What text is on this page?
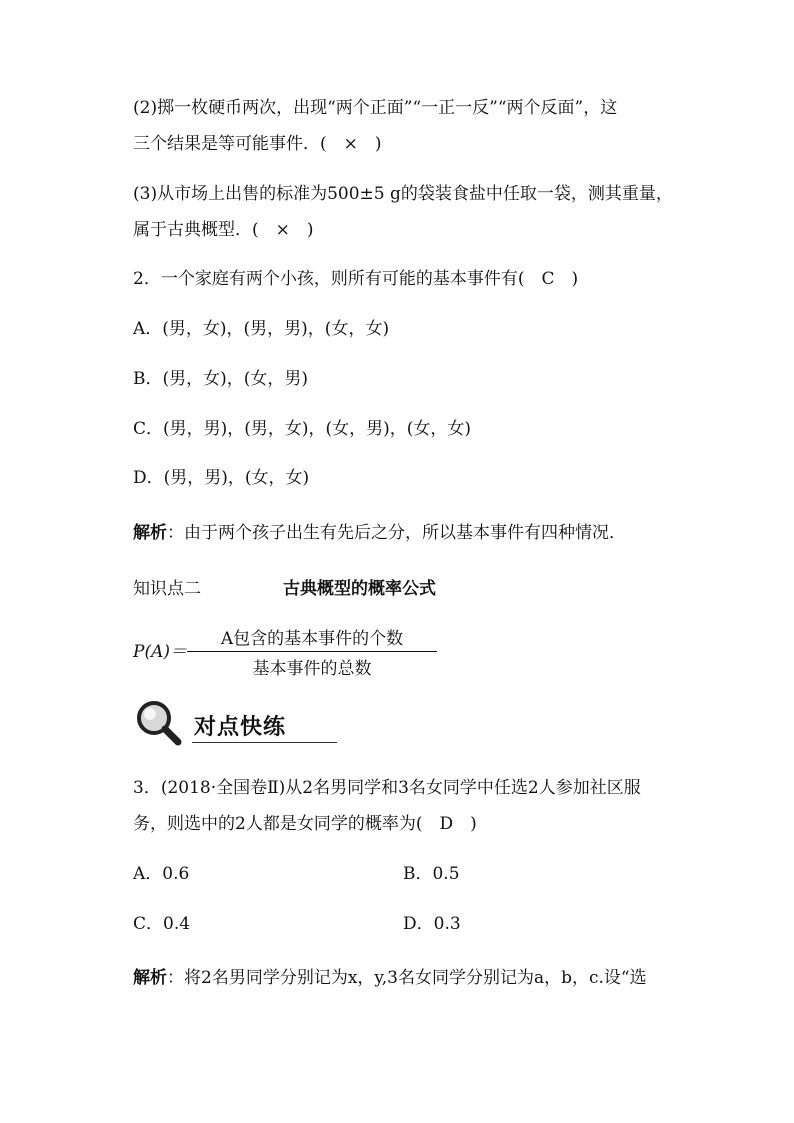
(2)掷一枚硬币两次，出现“两个正面”“一正一反”“两个反面”，这
三个结果是等可能事件．(　×　)
(3)从市场上出售的标准为500±5 g的袋装食盐中任取一袋，测其重量，
属于古典概型．(　×　)
2．一个家庭有两个小孩，则所有可能的基本事件有(　C　)
A．(男，女)，(男，男)，(女，女)
B．(男，女)，(女，男)
C．(男，男)，(男，女)，(女，男)，(女，女)
D．(男，男)，(女，女)
解析：由于两个孩子出生有先后之分，所以基本事件有四种情况．
知识点二	古典概型的概率公式
P(A)＝
A包含的基本事件的个数
基本事件的总数
对点快练
3．(2018·全国卷Ⅱ)从2名男同学和3名女同学中任选2人参加社区服
务，则选中的2人都是女同学的概率为(　D　)
A．0.6	B．0.5
C．0.4	D．0.3
解析：将2名男同学分别记为x，y,3名女同学分别记为a，b，c.设“选
